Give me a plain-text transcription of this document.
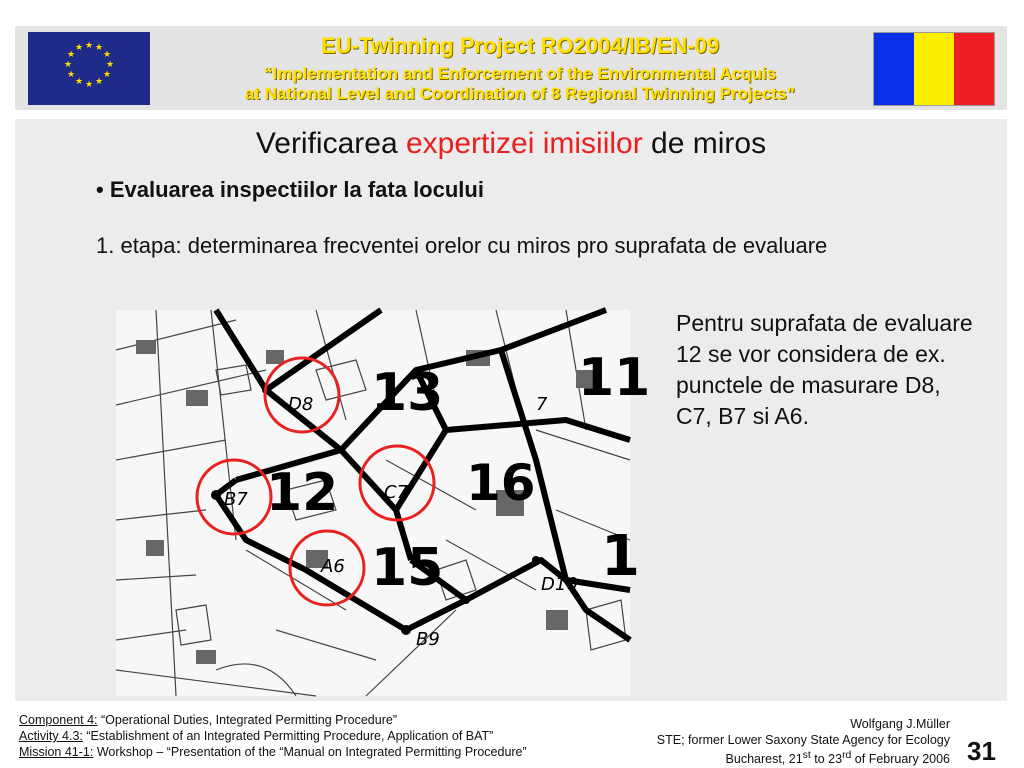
★ ★
★
★
★
★
★
★
★
★
★
★	EU-Twinning Project RO2004/IB/EN-09
“Implementation and Enforcement of the Environmental Acquis
at National Level and Coordination of 8 Regional Twinning Projects”
Verificarea expertizei imisiilor de miros
• Evaluarea inspectiilor la fata locului
1. etapa: determinarea frecventei orelor cu miros pro suprafata de evaluare
13	11
12	16
15	1
D8
C7
B7
A6
D10
B9
7
Pentru suprafata de evaluare 12 se vor considera de ex. punctele de masurare D8, C7, B7 si A6.
Component 4: “Operational Duties, Integrated Permitting Procedure”
Activity 4.3: “Establishment of an Integrated Permitting Procedure, Application of BAT”
Mission 41-1: Workshop – “Presentation of the “Manual on Integrated Permitting Procedure”
Wolfgang J.Müller
STE; former Lower Saxony State Agency for Ecology
Bucharest, 21st to 23rd of February 2006 31
